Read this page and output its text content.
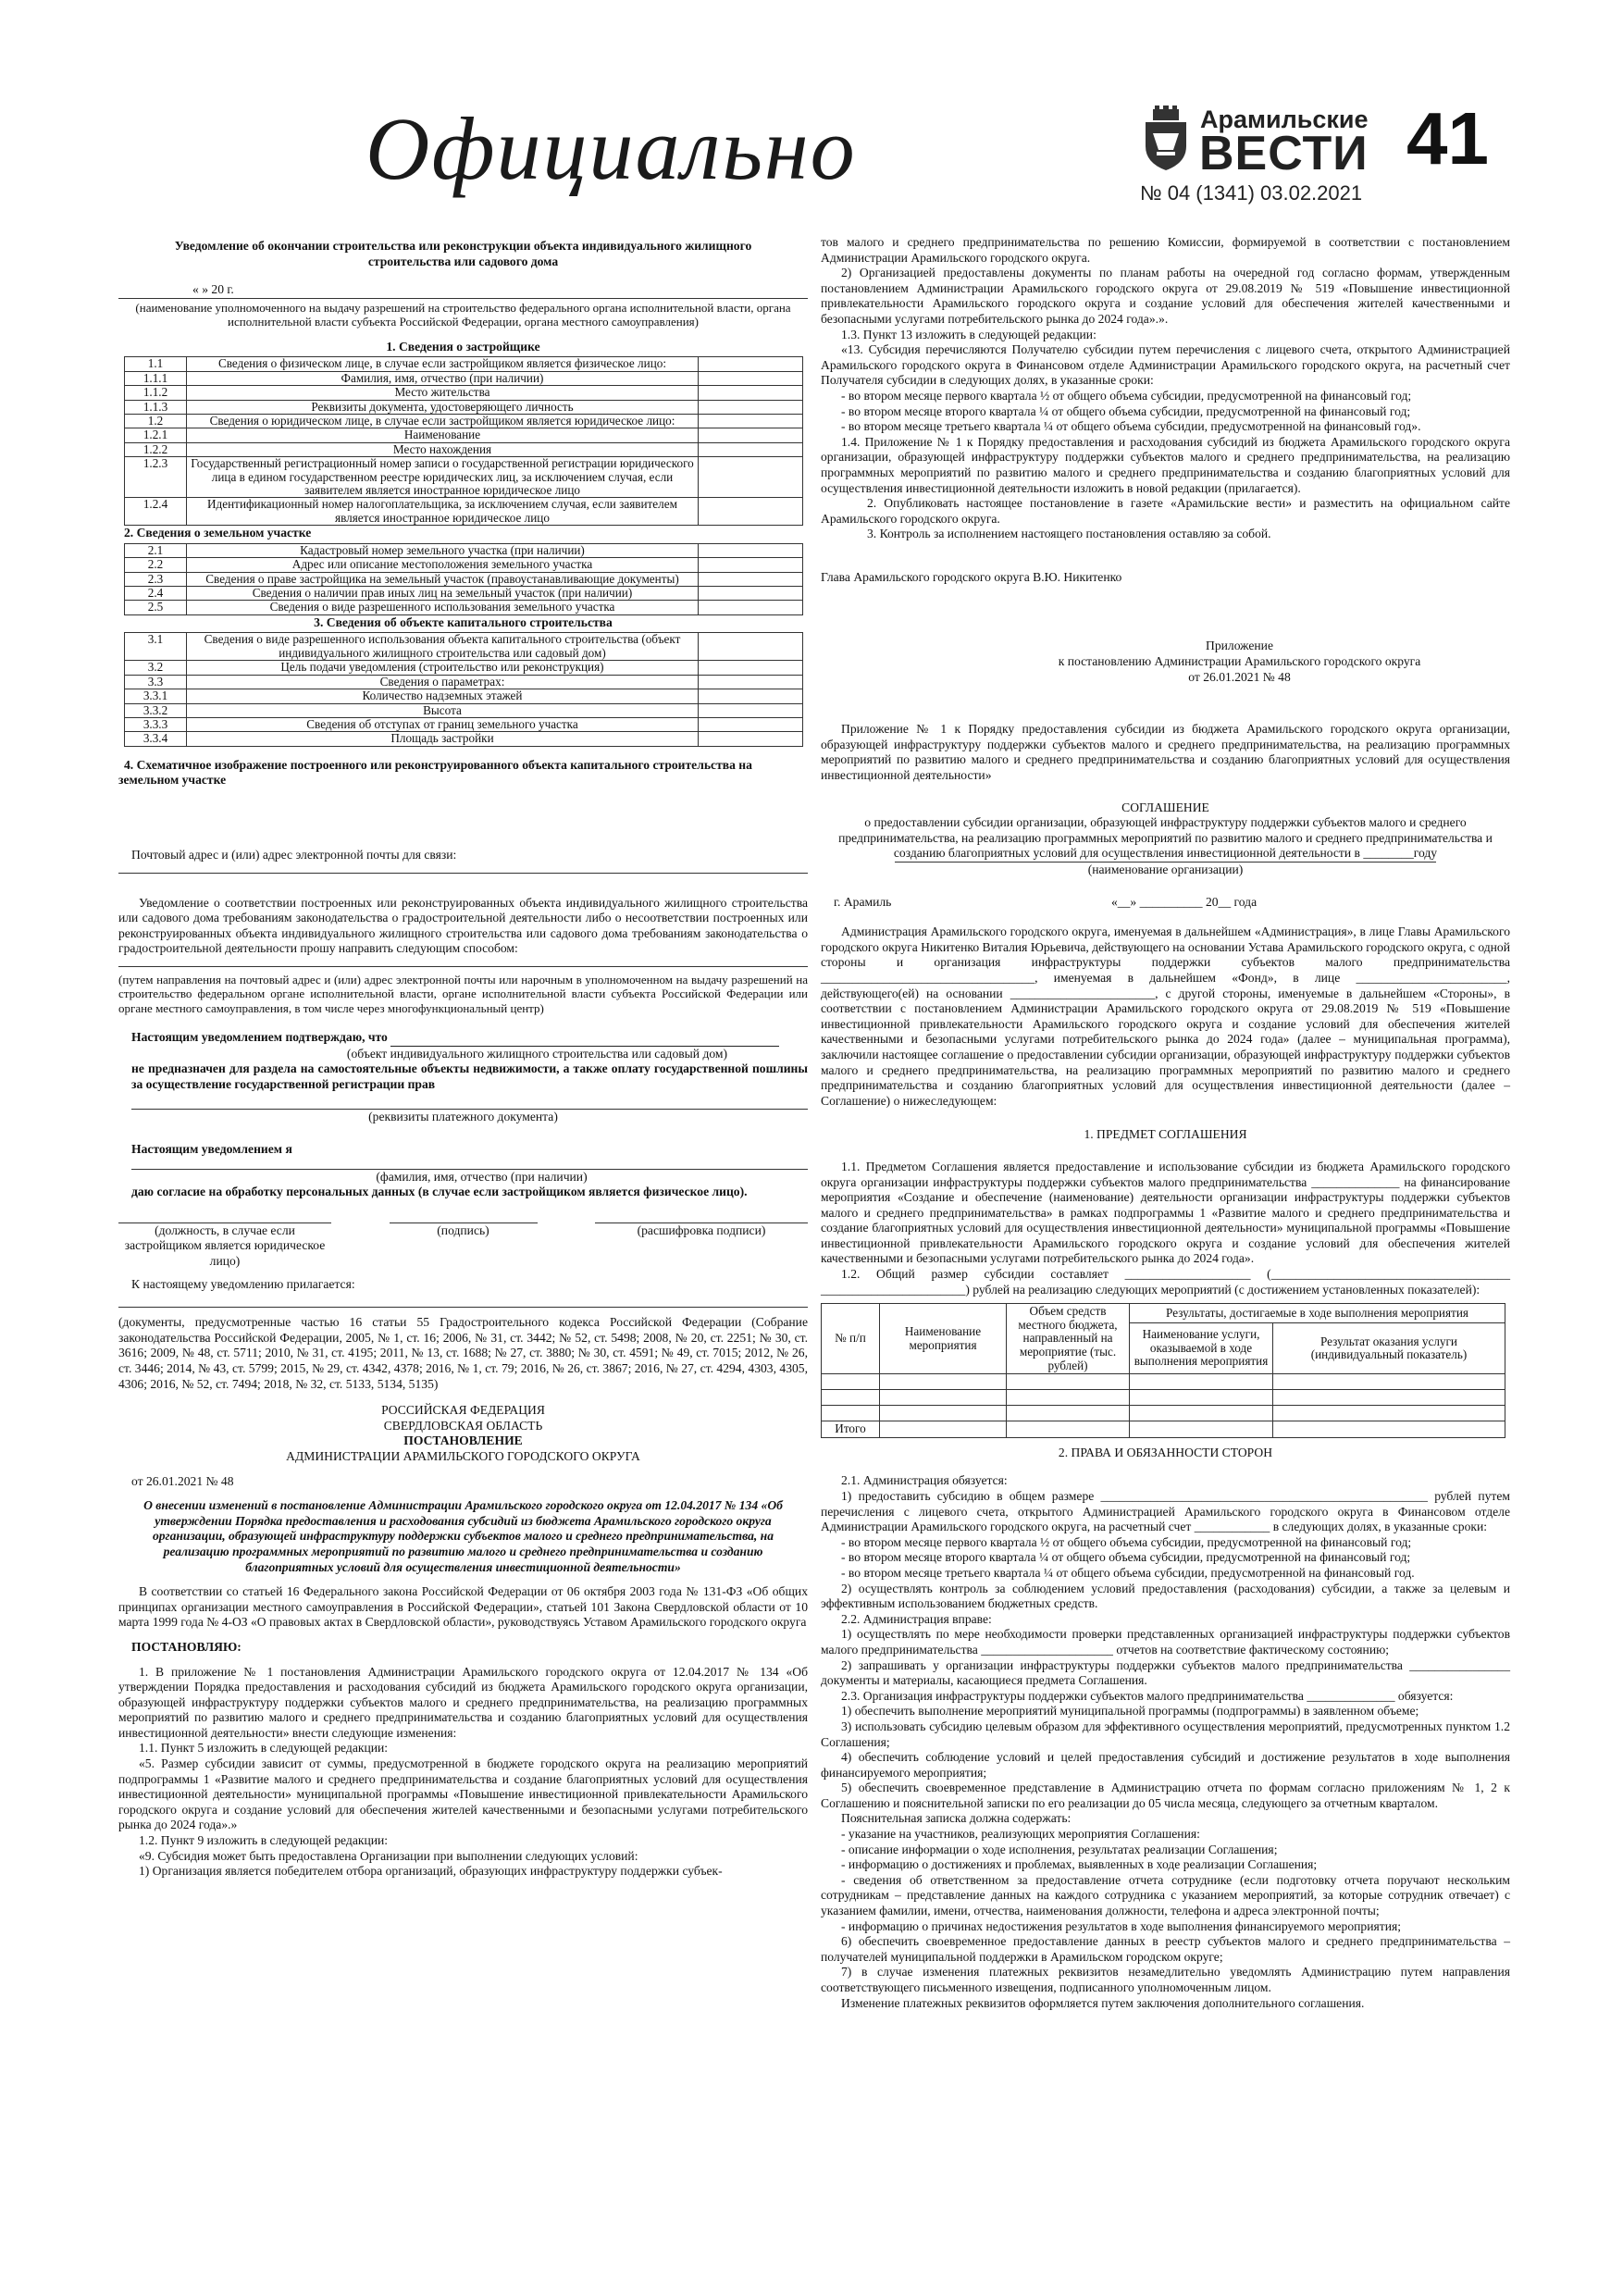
Официально	Арамильские
ВЕСТИ 41
№ 04 (1341) 03.02.2021

Уведомление об окончании строительства или реконструкции объекта индивидуального жилищного строительства или садового дома

« » 20 г.

(наименование уполномоченного на выдачу разрешений на строительство федерального органа исполнительной власти, органа исполнительной власти субъекта Российской Федерации, органа местного самоуправления)

1. Сведения о застройщике

1.1	Сведения о физическом лице, в случае если застройщиком является физическое лицо:	
1.1.1	Фамилия, имя, отчество (при наличии)	
1.1.2	Место жительства	
1.1.3	Реквизиты документа, удостоверяющего личность	
1.2	Сведения о юридическом лице, в случае если застройщиком является юридическое лицо:	
1.2.1	Наименование	
1.2.2	Место нахождения	
1.2.3	Государственный регистрационный номер записи о государственной регистрации юридического лица в едином государственном реестре юридических лиц, за исключением случая, если заявителем является иностранное юридическое лицо	
1.2.4	Идентификационный номер налогоплательщика, за исключением случая, если заявителем является иностранное юридическое лицо	

2. Сведения о земельном участке

2.1	Кадастровый номер земельного участка (при наличии)	
2.2	Адрес или описание местоположения земельного участка	
2.3	Сведения о праве застройщика на земельный участок (правоустанавливающие документы)	
2.4	Сведения о наличии прав иных лиц на земельный участок (при наличии)	
2.5	Сведения о виде разрешенного использования земельного участка	

3. Сведения об объекте капитального строительства

3.1	Сведения о виде разрешенного использования объекта капитального строительства (объект индивидуального жилищного строительства или садовый дом)	
3.2	Цель подачи уведомления (строительство или реконструкция)	
3.3	Сведения о параметрах:	
3.3.1	Количество надземных этажей	
3.3.2	Высота	
3.3.3	Сведения об отступах от границ земельного участка	
3.3.4	Площадь застройки	

4. Схематичное изображение построенного или реконструированного объекта капитального строительства на земельном участке

Почтовый адрес и (или) адрес электронной почты для связи:

Уведомление о соответствии построенных или реконструированных объекта индивидуального жилищного строительства или садового дома требованиям законодательства о градостроительной деятельности либо о несоответствии построенных или реконструированных объекта индивидуального жилищного строительства или садового дома требованиям законодательства о градостроительной деятельности прошу направить следующим способом:

(путем направления на почтовый адрес и (или) адрес электронной почты или нарочным в уполномоченном на выдачу разрешений на строительство федеральном органе исполнительной власти, органе исполнительной власти субъекта Российской Федерации или органе местного самоуправления, в том числе через многофункциональный центр)

Настоящим уведомлением подтверждаю, что

(объект индивидуального жилищного строительства или садовый дом)

не предназначен для раздела на самостоятельные объекты недвижимости, а также оплату государственной пошлины за осуществление государственной регистрации прав

(реквизиты платежного документа)

Настоящим уведомлением я

(фамилия, имя, отчество (при наличии)

даю согласие на обработку персональных данных (в случае если застройщиком является физическое лицо).

(должность, в случае если застройщиком является юридическое лицо)

(подпись)	(расшифровка подписи)

К настоящему уведомлению прилагается:

(документы, предусмотренные частью 16 статьи 55 Градостроительного кодекса Российской Федерации (Собрание законодательства Российской Федерации, 2005, № 1, ст. 16; 2006, № 31, ст. 3442; № 52, ст. 5498; 2008, № 20, ст. 2251; № 30, ст. 3616; 2009, № 48, ст. 5711; 2010, № 31, ст. 4195; 2011, № 13, ст. 1688; № 27, ст. 3880; № 30, ст. 4591; № 49, ст. 7015; 2012, № 26, ст. 3446; 2014, № 43, ст. 5799; 2015, № 29, ст. 4342, 4378; 2016, № 1, ст. 79; 2016, № 26, ст. 3867; 2016, № 27, ст. 4294, 4303, 4305, 4306; 2016, № 52, ст. 7494; 2018, № 32, ст. 5133, 5134, 5135)

РОССИЙСКАЯ ФЕДЕРАЦИЯ

СВЕРДЛОВСКАЯ ОБЛАСТЬ

ПОСТАНОВЛЕНИЕ

АДМИНИСТРАЦИИ АРАМИЛЬСКОГО ГОРОДСКОГО ОКРУГА

от 26.01.2021 № 48

О внесении изменений в постановление Администрации Арамильского городского округа от 12.04.2017 № 134 «Об утверждении Порядка предоставления и расходования субсидий из бюджета Арамильского городского округа организации, образующей инфраструктуру поддержки субъектов малого и среднего предпринимательства, на реализацию программных мероприятий по развитию малого и среднего предпринимательства и созданию благоприятных условий для осуществления инвестиционной деятельности»

В соответствии со статьей 16 Федерального закона Российской Федерации от 06 октября 2003 года № 131-ФЗ «Об общих принципах организации местного самоуправления в Российской Федерации», статьей 101 Закона Свердловской области от 10 марта 1999 года № 4-ОЗ «О правовых актах в Свердловской области», руководствуясь Уставом Арамильского городского округа

ПОСТАНОВЛЯЮ:

1. В приложение № 1 постановления Администрации Арамильского городского округа от 12.04.2017 № 134 «Об утверждении Порядка предоставления и расходования субсидий из бюджета Арамильского городского округа организации, образующей инфраструктуру поддержки субъектов малого и среднего предпринимательства, на реализацию программных мероприятий по развитию малого и среднего предпринимательства и созданию благоприятных условий для осуществления инвестиционной деятельности» внести следующие изменения:

1.1. Пункт 5 изложить в следующей редакции:

«5. Размер субсидии зависит от суммы, предусмотренной в бюджете городского округа на реализацию мероприятий подпрограммы 1 «Развитие малого и среднего предпринимательства и создание благоприятных условий для осуществления инвестиционной деятельности» муниципальной программы «Повышение инвестиционной привлекательности Арамильского городского округа и создание условий для обеспечения жителей качественными и безопасными услугами потребительского рынка до 2024 года».»

1.2. Пункт 9 изложить в следующей редакции:

«9. Субсидия может быть предоставлена Организации при выполнении следующих условий:

1) Организация является победителем отбора организаций, образующих инфраструктуру поддержки субъек-

тов малого и среднего предпринимательства по решению Комиссии, формируемой в соответствии с постановлением Администрации Арамильского городского округа.

2) Организацией предоставлены документы по планам работы на очередной год согласно формам, утвержденным постановлением Администрации Арамильского городского округа от 29.08.2019 № 519 «Повышение инвестиционной привлекательности Арамильского городского округа и создание условий для обеспечения жителей качественными и безопасными услугами потребительского рынка до 2024 года».».

1.3. Пункт 13 изложить в следующей редакции:

«13. Субсидия перечисляются Получателю субсидии путем перечисления с лицевого счета, открытого Администрацией Арамильского городского округа в Финансовом отделе Администрации Арамильского городского округа, на расчетный счет Получателя субсидии в следующих долях, в указанные сроки:

- во втором месяце первого квартала ½ от общего объема субсидии, предусмотренной на финансовый год;

- во втором месяце второго квартала ¼ от общего объема субсидии, предусмотренной на финансовый год;

- во втором месяце третьего квартала ¼ от общего объема субсидии, предусмотренной на финансовый год».

1.4. Приложение № 1 к Порядку предоставления и расходования субсидий из бюджета Арамильского городского округа организации, образующей инфраструктуру поддержки субъектов малого и среднего предпринимательства, на реализацию программных мероприятий по развитию малого и среднего предпринимательства и созданию благоприятных условий для осуществления инвестиционной деятельности изложить в новой редакции (прилагается).

2. Опубликовать настоящее постановление в газете «Арамильские вести» и разместить на официальном сайте Арамильского городского округа.

3. Контроль за исполнением настоящего постановления оставляю за собой.

Глава Арамильского городского округа В.Ю. Никитенко

Приложение

к постановлению Администрации Арамильского городского округа

от 26.01.2021 № 48

Приложение № 1 к Порядку предоставления субсидии из бюджета Арамильского городского округа организации, образующей инфраструктуру поддержки субъектов малого и среднего предпринимательства, на реализацию программных мероприятий по развитию малого и среднего предпринимательства и созданию благоприятных условий для осуществления инвестиционной деятельности»

СОГЛАШЕНИЕ

о предоставлении субсидии организации, образующей инфраструктуру поддержки субъектов малого и среднего предпринимательства, на реализацию программных мероприятий по развитию малого и среднего предпринимательства и созданию благоприятных условий для осуществления инвестиционной деятельности в ________году

(наименование организации)

г. Арамиль	«__» __________ 20__ года

Администрация Арамильского городского округа, именуемая в дальнейшем «Администрация», в лице Главы Арамильского городского округа Никитенко Виталия Юрьевича, действующего на основании Устава Арамильского городского округа, с одной стороны и организация инфраструктуры поддержки субъектов малого предпринимательства __________________________________, именуемая в дальнейшем «Фонд», в лице ________________________, действующего(ей) на основании _______________________, с другой стороны, именуемые в дальнейшем «Стороны», в соответствии с постановлением Администрации Арамильского городского округа от 29.08.2019 № 519 «Повышение инвестиционной привлекательности Арамильского городского округа и создание условий для обеспечения жителей качественными и безопасными услугами потребительского рынка до 2024 года» (далее – муниципальная программа), заключили настоящее соглашение о предоставлении субсидии организации, образующей инфраструктуру поддержки субъектов малого и среднего предпринимательства, на реализацию программных мероприятий по развитию малого и среднего предпринимательства и созданию благоприятных условий для осуществления инвестиционной деятельности (далее – Соглашение) о нижеследующем:

1. ПРЕДМЕТ СОГЛАШЕНИЯ

1.1. Предметом Соглашения является предоставление и использование субсидии из бюджета Арамильского городского округа организации инфраструктуры поддержки субъектов малого предпринимательства ______________ на финансирование мероприятия «Создание и обеспечение (наименование) деятельности организации инфраструктуры поддержки субъектов малого и среднего предпринимательства» в рамках подпрограммы 1 «Развитие малого и среднего предпринимательства и создание благоприятных условий для осуществления инвестиционной деятельности» муниципальной программы «Повышение инвестиционной привлекательности Арамильского городского округа и создание условий для обеспечения жителей качественными и безопасными услугами потребительского рынка до 2024 года».

1.2. Общий размер субсидии составляет ____________________ (______________________________________ _______________________) рублей на реализацию следующих мероприятий (с достижением установленных показателей):

№ п/п	Наименование мероприятия	Объем средств местного бюджета, направленный на мероприятие (тыс. рублей)	Результаты, достигаемые в ходе выполнения мероприятия	
			Наименование услуги, оказываемой в ходе выполнения мероприятия	Результат оказания услуги (индивидуальный показатель)

Итого				

2. ПРАВА И ОБЯЗАННОСТИ СТОРОН

2.1. Администрация обязуется:

1) предоставить субсидию в общем размере ____________________________________________________ рублей путем перечисления с лицевого счета, открытого Администрацией Арамильского городского округа в Финансовом отделе Администрации Арамильского городского округа, на расчетный счет ____________ в следующих долях, в указанные сроки:

- во втором месяце первого квартала ½ от общего объема субсидии, предусмотренной на финансовый год;

- во втором месяце второго квартала ¼ от общего объема субсидии, предусмотренной на финансовый год;

- во втором месяце третьего квартала ¼ от общего объема субсидии, предусмотренной на финансовый год.

2) осуществлять контроль за соблюдением условий предоставления (расходования) субсидии, а также за целевым и эффективным использованием бюджетных средств.

2.2. Администрация вправе:

1) осуществлять по мере необходимости проверки представленных организацией инфраструктуры поддержки субъектов малого предпринимательства _____________________ отчетов на соответствие фактическому состоянию;

2) запрашивать у организации инфраструктуры поддержки субъектов малого предпринимательства ________________ документы и материалы, касающиеся предмета Соглашения.

2.3. Организация инфраструктуры поддержки субъектов малого предпринимательства ______________ обязуется:

1) обеспечить выполнение мероприятий муниципальной программы (подпрограммы) в заявленном объеме;

3) использовать субсидию целевым образом для эффективного осуществления мероприятий, предусмотренных пунктом 1.2 Соглашения;

4) обеспечить соблюдение условий и целей предоставления субсидий и достижение результатов в ходе выполнения финансируемого мероприятия;

5) обеспечить своевременное представление в Администрацию отчета по формам согласно приложениям № 1, 2 к Соглашению и пояснительной записки по его реализации до 05 числа месяца, следующего за отчетным кварталом.

Пояснительная записка должна содержать:

- указание на участников, реализующих мероприятия Соглашения:

- описание информации о ходе исполнения, результатах реализации Соглашения;

- информацию о достижениях и проблемах, выявленных в ходе реализации Соглашения;

- сведения об ответственном за предоставление отчета сотруднике (если подготовку отчета поручают нескольким сотрудникам – представление данных на каждого сотрудника с указанием мероприятий, за которые сотрудник отвечает) с указанием фамилии, имени, отчества, наименования должности, телефона и адреса электронной почты;

- информацию о причинах недостижения результатов в ходе выполнения финансируемого мероприятия;

6) обеспечить своевременное предоставление данных в реестр субъектов малого и среднего предпринимательства – получателей муниципальной поддержки в Арамильском городском округе;

7) в случае изменения платежных реквизитов незамедлительно уведомлять Администрацию путем направления соответствующего письменного извещения, подписанного уполномоченным лицом.

Изменение платежных реквизитов оформляется путем заключения дополнительного соглашения.
